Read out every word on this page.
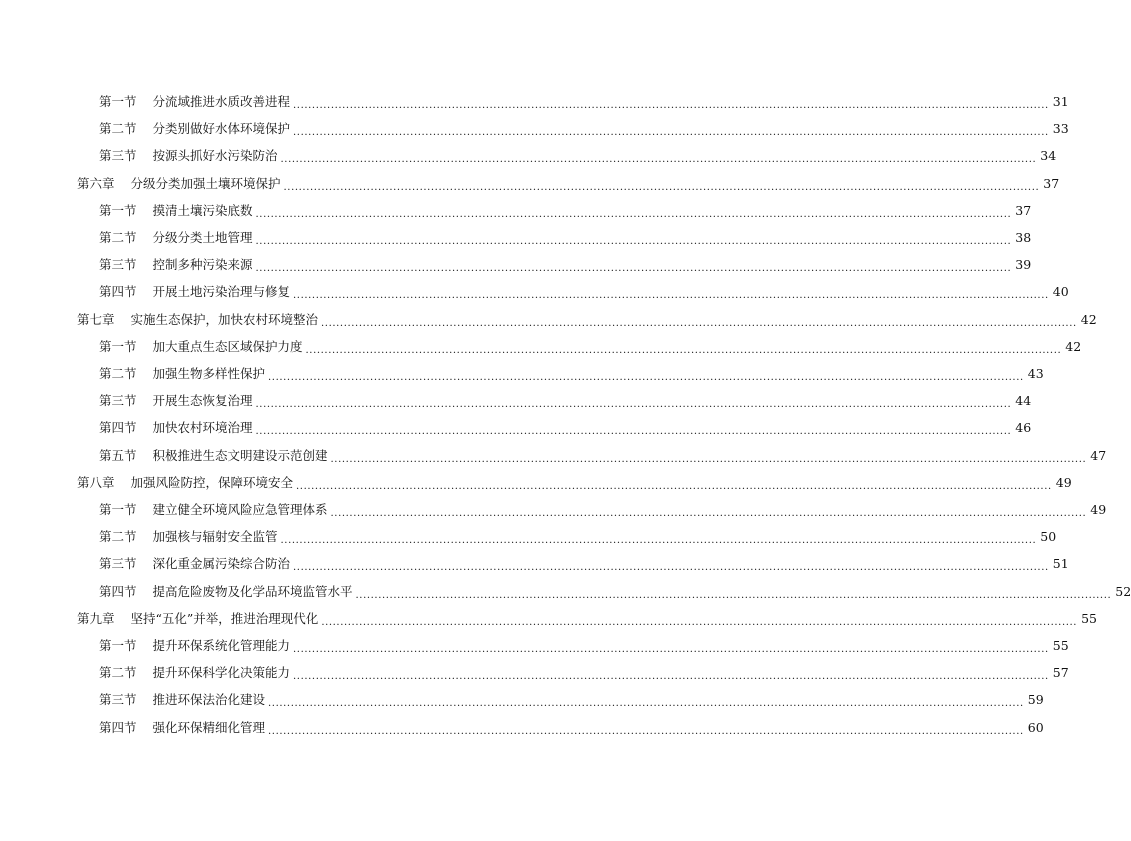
第一节 分流域推进水质改善进程 .....	31
第二节 分类别做好水体环境保护 .....	33
第三节 按源头抓好水污染防治 .....	34
第六章 分级分类加强土壤环境保护 .....	37
第一节 摸清土壤污染底数 .....	37
第二节 分级分类土地管理 .....	38
第三节 控制多种污染来源 .....	39
第四节 开展土地污染治理与修复 .....	40
第七章 实施生态保护，加快农村环境整治 .....	42
第一节 加大重点生态区域保护力度 .....	42
第二节 加强生物多样性保护 .....	43
第三节 开展生态恢复治理 .....	44
第四节 加快农村环境治理 .....	46
第五节 积极推进生态文明建设示范创建 .....	47
第八章 加强风险防控，保障环境安全 .....	49
第一节 建立健全环境风险应急管理体系 .....	49
第二节 加强核与辐射安全监管 .....	50
第三节 深化重金属污染综合防治 .....	51
第四节 提高危险废物及化学品环境监管水平 .....	52
第九章 坚持“五化”并举，推进治理现代化 .....	55
第一节 提升环保系统化管理能力 .....	55
第二节 提升环保科学化决策能力 .....	57
第三节 推进环保法治化建设 .....	59
第四节 强化环保精细化管理 .....	60
